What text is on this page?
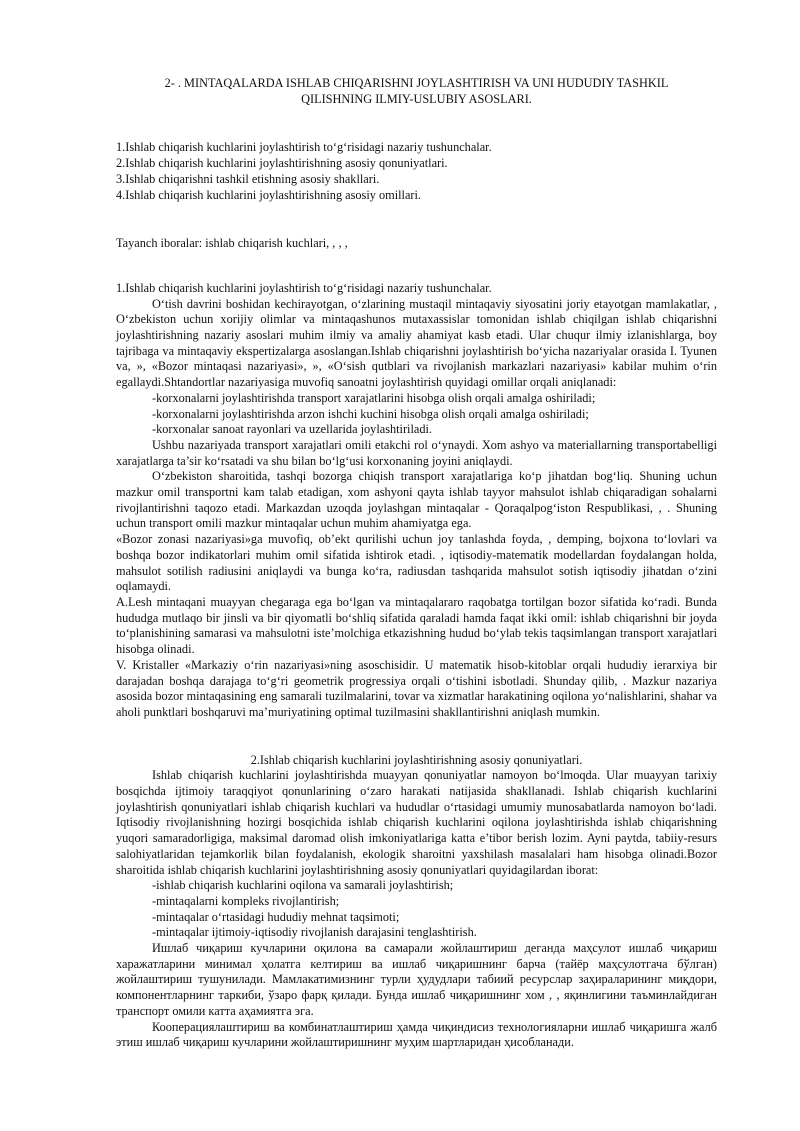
2- . MINTAQALARDA ISHLAB CHIQARISHNI JOYLASHTIRISH VA UNI HUDUDIY TASHKIL
QILISHNING ILMIY-USLUBIY ASOSLARI.
1.Ishlab chiqarish kuchlarini joylashtirish to‘g‘risidagi nazariy tushunchalar.
2.Ishlab chiqarish kuchlarini joylashtirishning asosiy qonuniyatlari.
3.Ishlab chiqarishni tashkil etishning asosiy shakllari.
4.Ishlab chiqarish kuchlarini joylashtirishning asosiy omillari.

Tayanch iboralar: ishlab chiqarish kuchlari, , , ,

1.Ishlab chiqarish kuchlarini joylashtirish to‘g‘risidagi nazariy tushunchalar.

O‘tish davrini boshidan kechirayotgan, o‘zlarining mustaqil mintaqaviy siyosatini joriy etayotgan mamlakatlar, , O‘zbekiston uchun xorijiy olimlar va mintaqashunos mutaxassislar tomonidan ishlab chiqilgan ishlab chiqarishni joylashtirishning nazariy asoslari muhim ilmiy va amaliy ahamiyat kasb etadi. Ular chuqur ilmiy izlanishlarga, boy tajribaga va mintaqaviy ekspertizalarga asoslangan.Ishlab chiqarishni joylashtirish bo‘yicha nazariyalar orasida I. Tyunen va, », «Bozor mintaqasi nazariyasi», », «O‘sish qutblari va rivojlanish markazlari nazariyasi» kabilar muhim o‘rin egallaydi.Shtandortlar nazariyasiga muvofiq sanoatni joylashtirish quyidagi omillar orqali aniqlanadi:

-korxonalarni joylashtirishda transport xarajatlarini hisobga olish orqali amalga oshiriladi;

-korxonalarni joylashtirishda arzon ishchi kuchini hisobga olish orqali amalga oshiriladi;

-korxonalar sanoat rayonlari va uzellarida joylashtiriladi.

Ushbu nazariyada transport xarajatlari omili etakchi rol o‘ynaydi. Xom ashyo va materiallarning transportabelligi xarajatlarga ta’sir ko‘rsatadi va shu bilan bo‘lg‘usi korxonaning joyini aniqlaydi.

O‘zbekiston sharoitida, tashqi bozorga chiqish transport xarajatlariga ko‘p jihatdan bog‘liq. Shuning uchun mazkur omil transportni kam talab etadigan, xom ashyoni qayta ishlab tayyor mahsulot ishlab chiqaradigan sohalarni rivojlantirishni taqozo etadi. Markazdan uzoqda joylashgan mintaqalar - Qoraqalpog‘iston Respublikasi, , . Shuning uchun transport omili mazkur mintaqalar uchun muhim ahamiyatga ega.

«Bozor zonasi nazariyasi»ga muvofiq, ob’ekt qurilishi uchun joy tanlashda foyda, , demping, bojxona to‘lovlari va boshqa bozor indikatorlari muhim omil sifatida ishtirok etadi. , iqtisodiy-matematik modellardan foydalangan holda, mahsulot sotilish radiusini aniqlaydi va bunga ko‘ra, radiusdan tashqarida mahsulot sotish iqtisodiy jihatdan o‘zini oqlamaydi.

A.Lesh mintaqani muayyan chegaraga ega bo‘lgan va mintaqalararo raqobatga tortilgan bozor sifatida ko‘radi. Bunda hududga mutlaqo bir jinsli va bir qiyomatli bo‘shliq sifatida qaraladi hamda faqat ikki omil: ishlab chiqarishni bir joyda to‘planishining samarasi va mahsulotni iste’molchiga etkazishning hudud bo‘ylab tekis taqsimlangan transport xarajatlari hisobga olinadi.

V. Kristaller «Markaziy o‘rin nazariyasi»ning asoschisidir. U matematik hisob-kitoblar orqali hududiy ierarxiya bir darajadan boshqa darajaga to‘g‘ri geometrik progressiya orqali o‘tishini isbotladi. Shunday qilib, . Mazkur nazariya asosida bozor mintaqasining eng samarali tuzilmalarini, tovar va xizmatlar harakatining oqilona yo‘nalishlarini, shahar va aholi punktlari boshqaruvi ma’muriyatining optimal tuzilmasini shakllantirishni aniqlash mumkin.

2.Ishlab chiqarish kuchlarini joylashtirishning asosiy qonuniyatlari.

Ishlab chiqarish kuchlarini joylashtirishda muayyan qonuniyatlar namoyon bo‘lmoqda. Ular muayyan tarixiy bosqichda ijtimoiy taraqqiyot qonunlarining o‘zaro harakati natijasida shakllanadi. Ishlab chiqarish kuchlarini joylashtirish qonuniyatlari ishlab chiqarish kuchlari va hududlar o‘rtasidagi umumiy munosabatlarda namoyon bo‘ladi. Iqtisodiy rivojlanishning hozirgi bosqichida ishlab chiqarish kuchlarini oqilona joylashtirishda ishlab chiqarishning yuqori samaradorligiga, maksimal daromad olish imkoniyatlariga katta e’tibor berish lozim. Ayni paytda, tabiiy-resurs salohiyatlaridan tejamkorlik bilan foydalanish, ekologik sharoitni yaxshilash masalalari ham hisobga olinadi.Bozor sharoitida ishlab chiqarish kuchlarini joylashtirishning asosiy qonuniyatlari quyidagilardan iborat:

-ishlab chiqarish kuchlarini oqilona va samarali joylashtirish;

-mintaqalarni kompleks rivojlantirish;

-mintaqalar o‘rtasidagi hududiy mehnat taqsimoti;

-mintaqalar ijtimoiy-iqtisodiy rivojlanish darajasini tenglashtirish.

Ишлаб чиқариш кучларини оқилона ва самарали жойлаштириш деганда маҳсулот ишлаб чиқариш харажатларини минимал ҳолатга келтириш ва ишлаб чиқаришнинг барча (тайёр маҳсулотгача бўлган) жойлаштириш тушунилади. Мамлакатимизнинг турли ҳудудлари табиий ресурслар заҳираларининг миқдори, компонентларнинг таркиби, ўзаро фарқ қилади. Бунда ишлаб чиқаришнинг хом , , яқинлигини таъминлайдиган транспорт омили катта аҳамиятга эга.

Кооперациялаштириш ва комбинатлаштириш ҳамда чиқиндисиз технологияларни ишлаб чиқаришга жалб этиш ишлаб чиқариш кучларини жойлаштиришнинг муҳим шартларидан ҳисобланади.
